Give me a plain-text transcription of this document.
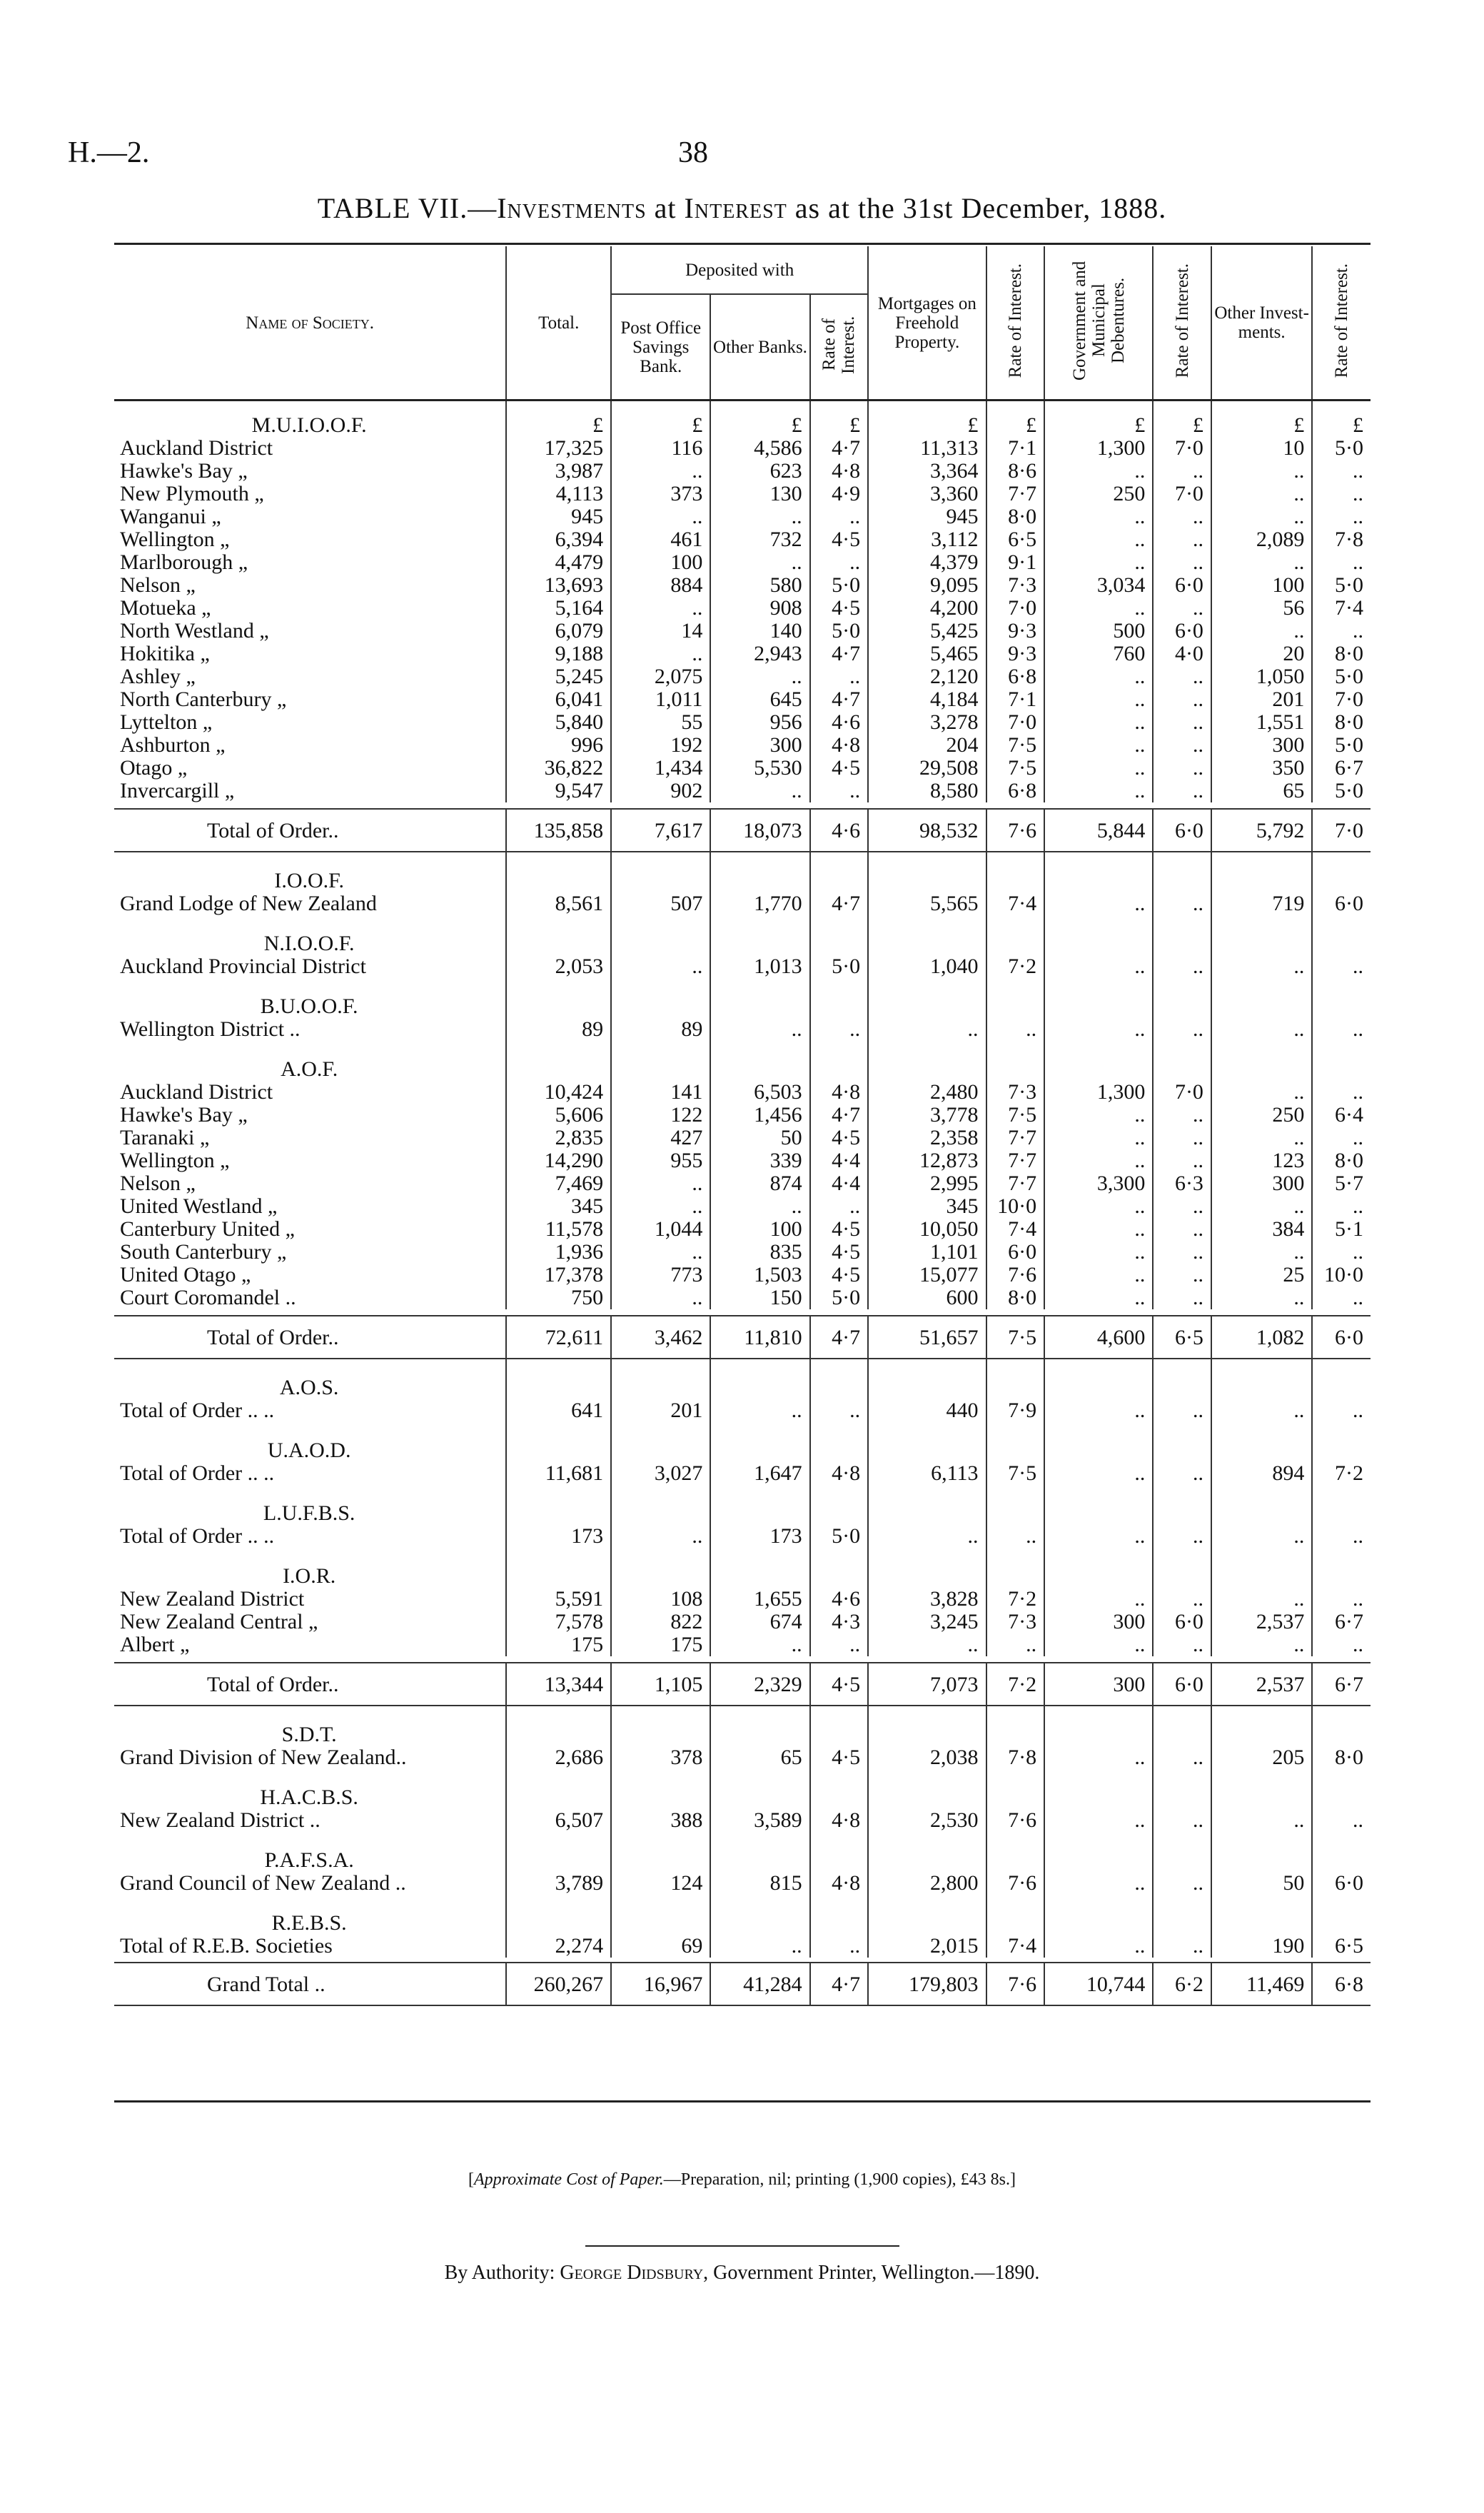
H.—2.	38
TABLE VII.—Investments at Interest as at the 31st December, 1888.
Name of Society.	Total.	Deposited with			Mortgages on Freehold Property.	Rate of Interest.	Government and Municipal Debentures.	Rate of Interest.	Other Invest- ments.	Rate of Interest.
		Post Office Savings Bank.	Other Banks.	Rate of Interest.						
M.U.I.O.O.F.	£	£	£	£	£	£	£	£	£	£
Auckland District	17,325	116	4,586	4·7	11,313	7·1	1,300	7·0	10	5·0
Hawke's Bay „	3,987	..	623	4·8	3,364	8·6	..	..	..	..
New Plymouth „	4,113	373	130	4·9	3,360	7·7	250	7·0	..	..
Wanganui „	945	..	..	..	945	8·0	..	..	..	..
Wellington „	6,394	461	732	4·5	3,112	6·5	..	..	2,089	7·8
Marlborough „	4,479	100	..	..	4,379	9·1	..	..	..	..
Nelson „	13,693	884	580	5·0	9,095	7·3	3,034	6·0	100	5·0
Motueka „	5,164	..	908	4·5	4,200	7·0	..	..	56	7·4
North Westland „	6,079	14	140	5·0	5,425	9·3	500	6·0	..	..
Hokitika „	9,188	..	2,943	4·7	5,465	9·3	760	4·0	20	8·0
Ashley „	5,245	2,075	..	..	2,120	6·8	..	..	1,050	5·0
North Canterbury „	6,041	1,011	645	4·7	4,184	7·1	..	..	201	7·0
Lyttelton „	5,840	55	956	4·6	3,278	7·0	..	..	1,551	8·0
Ashburton „	996	192	300	4·8	204	7·5	..	..	300	5·0
Otago „	36,822	1,434	5,530	4·5	29,508	7·5	..	..	350	6·7
Invercargill „	9,547	902	..	..	8,580	6·8	..	..	65	5·0

Total of Order..	135,858	7,617	18,073	4·6	98,532	7·6	5,844	6·0	5,792	7·0
I.O.O.F.										
Grand Lodge of New Zealand	8,561	507	1,770	4·7	5,565	7·4	..	..	719	6·0
N.I.O.O.F.										
Auckland Provincial District	2,053	..	1,013	5·0	1,040	7·2	..	..	..	..
B.U.O.O.F.										
Wellington District ..	89	89	..	..	..	..	..	..	..	..
A.O.F.										
Auckland District	10,424	141	6,503	4·8	2,480	7·3	1,300	7·0	..	..
Hawke's Bay „	5,606	122	1,456	4·7	3,778	7·5	..	..	250	6·4
Taranaki „	2,835	427	50	4·5	2,358	7·7	..	..	..	..
Wellington „	14,290	955	339	4·4	12,873	7·7	..	..	123	8·0
Nelson „	7,469	..	874	4·4	2,995	7·7	3,300	6·3	300	5·7
United Westland „	345	..	..	..	345	10·0	..	..	..	..
Canterbury United „	11,578	1,044	100	4·5	10,050	7·4	..	..	384	5·1
South Canterbury „	1,936	..	835	4·5	1,101	6·0	..	..	..	..
United Otago „	17,378	773	1,503	4·5	15,077	7·6	..	..	25	10·0
Court Coromandel ..	750	..	150	5·0	600	8·0	..	..	..	..

Total of Order..	72,611	3,462	11,810	4·7	51,657	7·5	4,600	6·5	1,082	6·0
A.O.S.										
Total of Order .. ..	641	201	..	..	440	7·9	..	..	..	..
U.A.O.D.										
Total of Order .. ..	11,681	3,027	1,647	4·8	6,113	7·5	..	..	894	7·2
L.U.F.B.S.										
Total of Order .. ..	173	..	173	5·0	..	..	..	..	..	..
I.O.R.										
New Zealand District	5,591	108	1,655	4·6	3,828	7·2	..	..	..	..
New Zealand Central „	7,578	822	674	4·3	3,245	7·3	300	6·0	2,537	6·7
Albert „	175	175	..	..	..	..	..	..	..	..

Total of Order..	13,344	1,105	2,329	4·5	7,073	7·2	300	6·0	2,537	6·7
S.D.T.										
Grand Division of New Zealand..	2,686	378	65	4·5	2,038	7·8	..	..	205	8·0
H.A.C.B.S.										
New Zealand District ..	6,507	388	3,589	4·8	2,530	7·6	..	..	..	..
P.A.F.S.A.										
Grand Council of New Zealand ..	3,789	124	815	4·8	2,800	7·6	..	..	50	6·0
R.E.B.S.										
Total of R.E.B. Societies	2,274	69	..	..	2,015	7·4	..	..	190	6·5

Grand Total ..	260,267	16,967	41,284	4·7	179,803	7·6	10,744	6·2	11,469	6·8
[Approximate Cost of Paper.—Preparation, nil; printing (1,900 copies), £43 8s.]
By Authority: George Didsbury, Government Printer, Wellington.—1890.
